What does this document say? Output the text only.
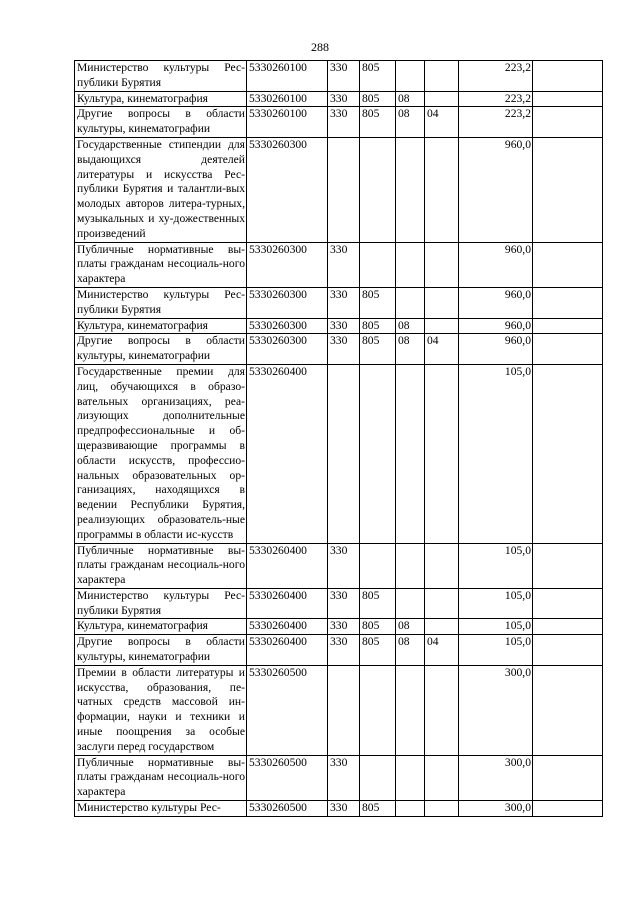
288
Министерство культуры Рес-публики Бурятия	5330260100	330	805			223,2	
Культура, кинематография	5330260100	330	805	08		223,2	
Другие вопросы в области культуры, кинематографии	5330260100	330	805	08	04	223,2	
Государственные стипендии для выдающихся деятелей литературы и искусства Рес-публики Бурятия и талантли-вых молодых авторов литера-турных, музыкальных и ху-дожественных произведений	5330260300					960,0	
Публичные нормативные вы-платы гражданам несоциаль-ного характера	5330260300	330				960,0	
Министерство культуры Рес-публики Бурятия	5330260300	330	805			960,0	
Культура, кинематография	5330260300	330	805	08		960,0	
Другие вопросы в области культуры, кинематографии	5330260300	330	805	08	04	960,0	
Государственные премии для лиц, обучающихся в образо-вательных организациях, реа-лизующих дополнительные предпрофессиональные и об-щеразвивающие программы в области искусств, профессио-нальных образовательных ор-ганизациях, находящихся в ведении Республики Бурятия, реализующих образователь-ные программы в области ис-кусств	5330260400					105,0	
Публичные нормативные вы-платы гражданам несоциаль-ного характера	5330260400	330				105,0	
Министерство культуры Рес-публики Бурятия	5330260400	330	805			105,0	
Культура, кинематография	5330260400	330	805	08		105,0	
Другие вопросы в области культуры, кинематографии	5330260400	330	805	08	04	105,0	
Премии в области литературы и искусства, образования, пе-чатных средств массовой ин-формации, науки и техники и иные поощрения за особые заслуги перед государством	5330260500					300,0	
Публичные нормативные вы-платы гражданам несоциаль-ного характера	5330260500	330				300,0	
Министерство культуры Рес-	5330260500	330	805			300,0	
